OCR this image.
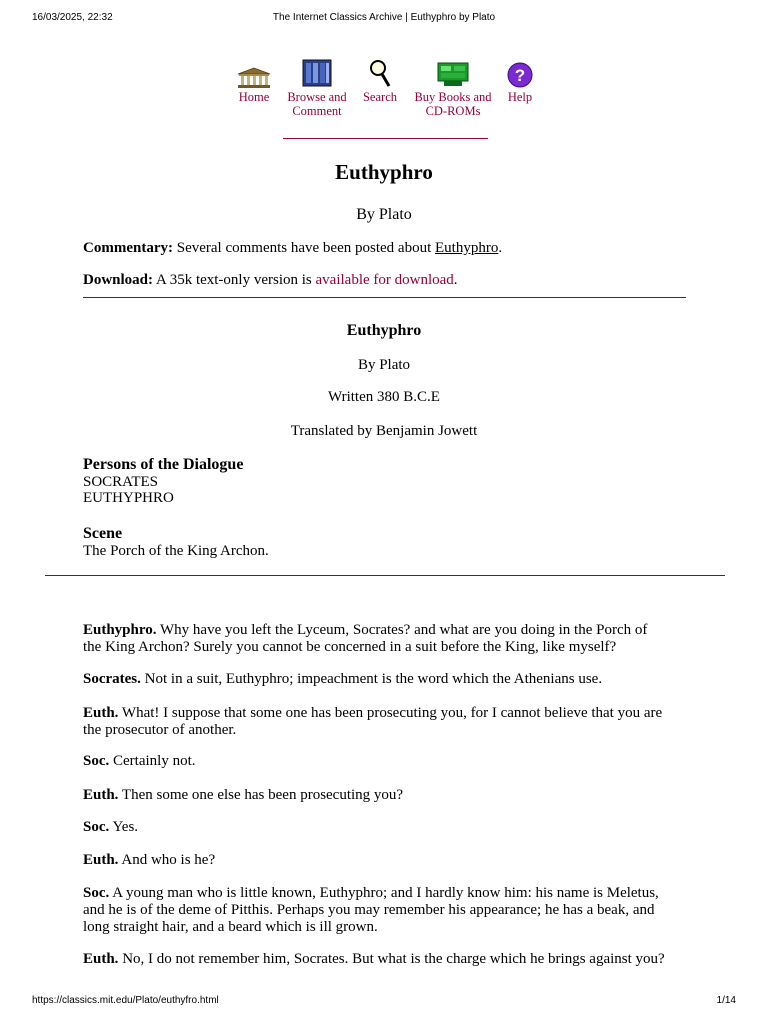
16/03/2025, 22:32	The Internet Classics Archive | Euthyphro by Plato
Home	Browse and
Comment
Search	Buy Books and
CD-ROMs
?
Help
Euthyphro
By Plato
Commentary: Several comments have been posted about Euthyphro.
Download: A 35k text-only version is available for download.
Euthyphro
By Plato
Written 380 B.C.E
Translated by Benjamin Jowett
Persons of the Dialogue
SOCRATES
EUTHYPHRO
Scene
The Porch of the King Archon.
Euthyphro. Why have you left the Lyceum, Socrates? and what are you doing in the Porch of
the King Archon? Surely you cannot be concerned in a suit before the King, like myself?
Socrates. Not in a suit, Euthyphro; impeachment is the word which the Athenians use.
Euth. What! I suppose that some one has been prosecuting you, for I cannot believe that you are
the prosecutor of another.
Soc. Certainly not.
Euth. Then some one else has been prosecuting you?
Soc. Yes.
Euth. And who is he?
Soc. A young man who is little known, Euthyphro; and I hardly know him: his name is Meletus,
and he is of the deme of Pitthis. Perhaps you may remember his appearance; he has a beak, and
long straight hair, and a beard which is ill grown.
Euth. No, I do not remember him, Socrates. But what is the charge which he brings against you?
https://classics.mit.edu/Plato/euthyfro.html	1/14
